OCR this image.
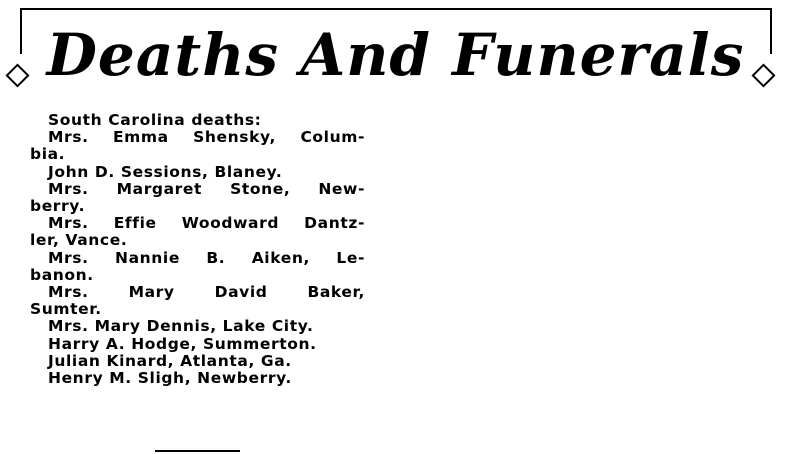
Deaths And Funerals

South Carolina deaths:

Mrs. Emma Shensky, Colum-
bia.

John D. Sessions, Blaney.

Mrs. Margaret Stone, New-
berry.

Mrs. Effie Woodward Dantz-
ler, Vance.

Mrs. Nannie B. Aiken, Le-
banon.

Mrs. Mary David Baker,
Sumter.

Mrs. Mary Dennis, Lake City.

Harry A. Hodge, Summerton.

Julian Kinard, Atlanta, Ga.

Henry M. Sligh, Newberry.
